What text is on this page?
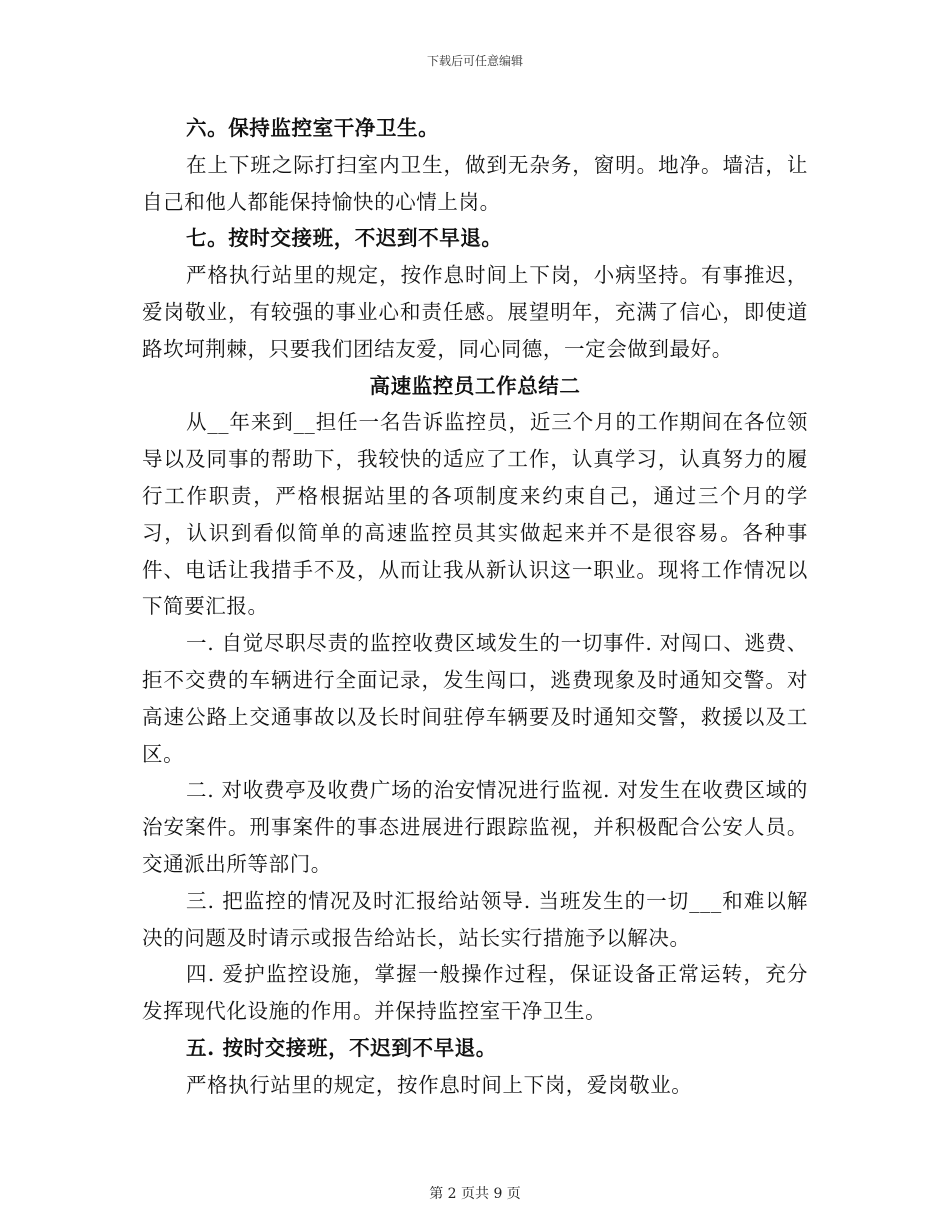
下载后可任意编辑

六。保持监控室干净卫生。

在上下班之际打扫室内卫生，做到无杂务，窗明。地净。墙洁，让自己和他人都能保持愉快的心情上岗。

七。按时交接班，不迟到不早退。

严格执行站里的规定，按作息时间上下岗，小病坚持。有事推迟，爱岗敬业，有较强的事业心和责任感。展望明年，充满了信心，即使道路坎坷荆棘，只要我们团结友爱，同心同德，一定会做到最好。

高速监控员工作总结二

从__年来到__担任一名告诉监控员，近三个月的工作期间在各位领导以及同事的帮助下，我较快的适应了工作，认真学习，认真努力的履行工作职责，严格根据站里的各项制度来约束自己，通过三个月的学习，认识到看似简单的高速监控员其实做起来并不是很容易。各种事件、电话让我措手不及，从而让我从新认识这一职业。现将工作情况以下简要汇报。

一. 自觉尽职尽责的监控收费区域发生的一切事件. 对闯口、逃费、拒不交费的车辆进行全面记录，发生闯口，逃费现象及时通知交警。对高速公路上交通事故以及长时间驻停车辆要及时通知交警，救援以及工区。

二. 对收费亭及收费广场的治安情况进行监视. 对发生在收费区域的治安案件。刑事案件的事态进展进行跟踪监视，并积极配合公安人员。交通派出所等部门。

三. 把监控的情况及时汇报给站领导. 当班发生的一切___和难以解决的问题及时请示或报告给站长，站长实行措施予以解决。

四. 爱护监控设施，掌握一般操作过程，保证设备正常运转，充分发挥现代化设施的作用。并保持监控室干净卫生。

五. 按时交接班，不迟到不早退。

严格执行站里的规定，按作息时间上下岗，爱岗敬业。

第 2 页共 9 页
